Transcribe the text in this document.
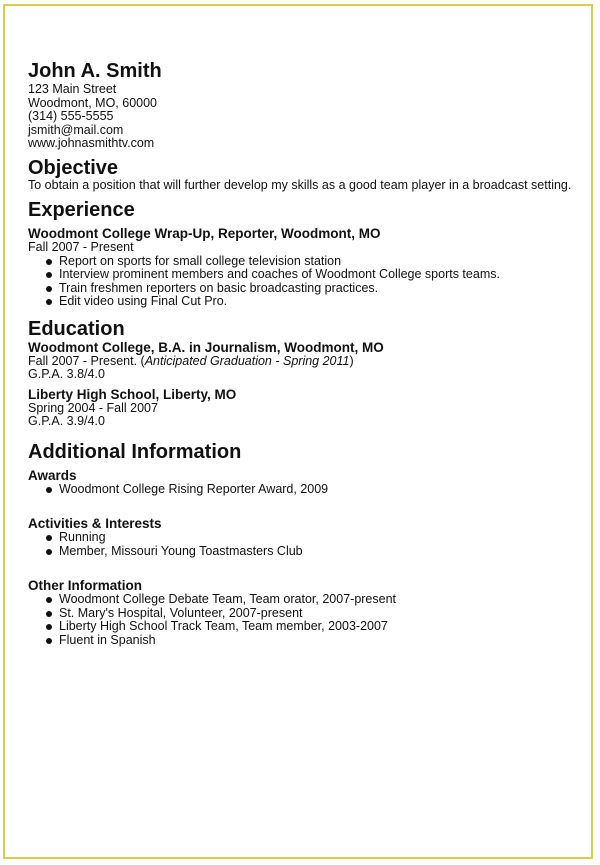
John A. Smith
123 Main Street
Woodmont, MO, 60000
(314) 555-5555
jsmith@mail.com
www.johnasmithtv.com
Objective
To obtain a position that will further develop my skills as a good team player in a broadcast setting.
Experience
Woodmont College Wrap-Up, Reporter, Woodmont, MO
Fall 2007 - Present
Report on sports for small college television station
Interview prominent members and coaches of Woodmont College sports teams.
Train freshmen reporters on basic broadcasting practices.
Edit video using Final Cut Pro.
Education
Woodmont College, B.A. in Journalism, Woodmont, MO
Fall 2007 - Present. (Anticipated Graduation - Spring 2011)
G.P.A. 3.8/4.0
Liberty High School, Liberty, MO
Spring 2004 - Fall 2007
G.P.A. 3.9/4.0
Additional Information
Awards
Woodmont College Rising Reporter Award, 2009
Activities & Interests
Running
Member, Missouri Young Toastmasters Club
Other Information
Woodmont College Debate Team, Team orator, 2007-present
St. Mary's Hospital, Volunteer, 2007-present
Liberty High School Track Team, Team member, 2003-2007
Fluent in Spanish
